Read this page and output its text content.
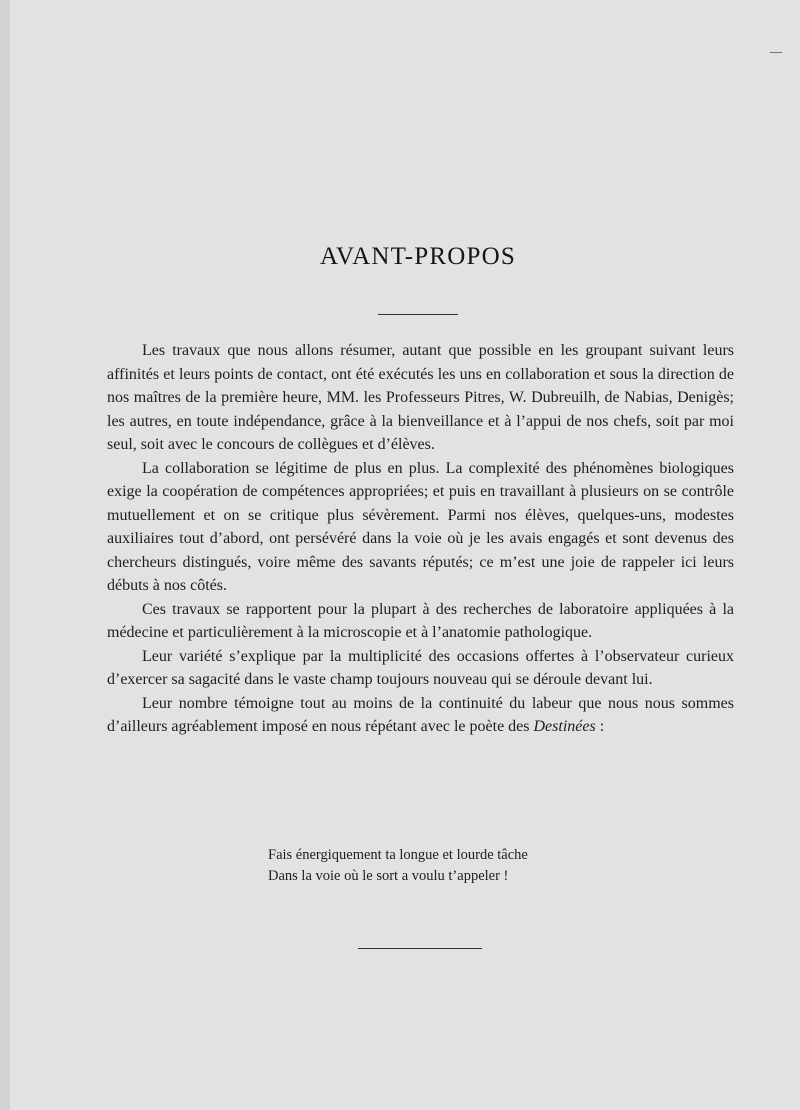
AVANT-PROPOS

Les travaux que nous allons résumer, autant que possible en les groupant suivant leurs affinités et leurs points de contact, ont été exécutés les uns en collaboration et sous la direction de nos maîtres de la première heure, MM. les Professeurs Pitres, W. Dubreuilh, de Nabias, Denigès; les autres, en toute indépendance, grâce à la bienveillance et à l’appui de nos chefs, soit par moi seul, soit avec le concours de collègues et d’élèves.

La collaboration se légitime de plus en plus. La complexité des phénomènes biologiques exige la coopération de compétences appropriées; et puis en travaillant à plusieurs on se contrôle mutuellement et on se critique plus sévèrement. Parmi nos élèves, quelques-uns, modestes auxiliaires tout d’abord, ont persévéré dans la voie où je les avais engagés et sont devenus des chercheurs distingués, voire même des savants réputés; ce m’est une joie de rappeler ici leurs débuts à nos côtés.

Ces travaux se rapportent pour la plupart à des recherches de laboratoire appliquées à la médecine et particulièrement à la microscopie et à l’anatomie pathologique.

Leur variété s’explique par la multiplicité des occasions offertes à l’observateur curieux d’exercer sa sagacité dans le vaste champ toujours nouveau qui se déroule devant lui.

Leur nombre témoigne tout au moins de la continuité du labeur que nous nous sommes d’ailleurs agréablement imposé en nous répétant avec le poète des Destinées :

Fais énergiquement ta longue et lourde tâche
Dans la voie où le sort a voulu t’appeler !
